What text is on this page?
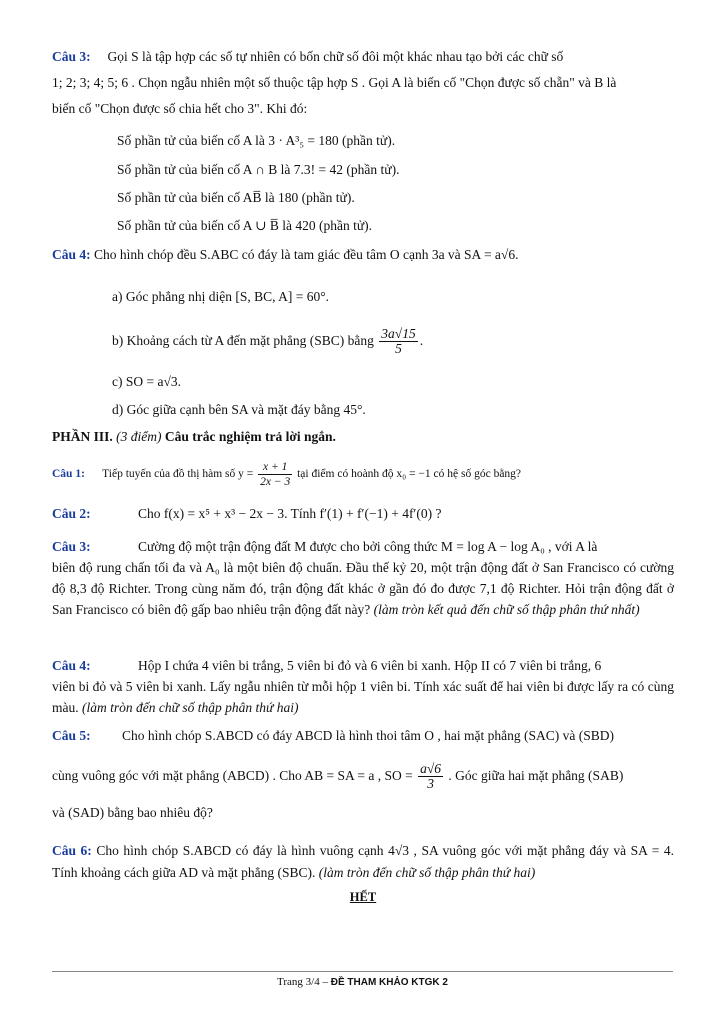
Câu 3: Gọi S là tập hợp các số tự nhiên có bốn chữ số đôi một khác nhau tạo bởi các chữ số
1; 2; 3; 4; 5; 6 . Chọn ngẫu nhiên một số thuộc tập hợp S . Gọi A là biến cố "Chọn được số chẵn" và B là
biến cố "Chọn được số chia hết cho 3". Khi đó:
Số phần tử của biến cố A là 3 · A³₅ = 180 (phần tử).
Số phần tử của biến cố A ∩ B là 7.3! = 42 (phần tử).
Số phần tử của biến cố AB̅ là 180 (phần tử).
Số phần tử của biến cố A ∪ B̅ là 420 (phần tử).
Câu 4: Cho hình chóp đều S.ABC có đáy là tam giác đều tâm O cạnh 3a và SA = a√6.
a) Góc phẳng nhị diện [S, BC, A] = 60°.
b) Khoảng cách từ A đến mặt phẳng (SBC) bằng $\frac{3a√15}{5}$ .
c) SO = a√3.
d) Góc giữa cạnh bên SA và mặt đáy bằng 45°.
PHẦN III. (3 điểm) Câu trắc nghiệm trả lời ngắn.
Câu 1: Tiếp tuyến của đồ thị hàm số $y = \frac{x + 1}{2x - 3}$ tại điểm có hoành độ x₀ = −1 có hệ số góc bằng?
Câu 2:	Cho f(x) = x⁵ + x³ − 2x − 3. Tính f′(1) + f′(−1) + 4f′(0) ?
Câu 3:	Cường độ một trận động đất M được cho bởi công thức M = log A − log A₀ , với A là
biên độ rung chấn tối đa và A₀ là một biên độ chuẩn. Đầu thế kỷ 20, một trận động đất ở San Francisco có cường độ 8,3 độ Richter. Trong cùng năm đó, trận động đất khác ở gần đó đo được 7,1 độ Richter. Hỏi trận động đất ở San Francisco có biên độ gấp bao nhiêu trận động đất này? (làm tròn kết quả đến chữ số thập phân thứ nhất)
Câu 4:	Hộp I chứa 4 viên bi trắng, 5 viên bi đỏ và 6 viên bi xanh. Hộp II có 7 viên bi trắng, 6
viên bi đỏ và 5 viên bi xanh. Lấy ngẫu nhiên từ mỗi hộp 1 viên bi. Tính xác suất để hai viên bi được lấy ra có cùng màu. (làm tròn đến chữ số thập phân thứ hai)
Câu 5: Cho hình chóp S.ABCD có đáy ABCD là hình thoi tâm O , hai mặt phẳng (SAC) và (SBD)
cùng vuông góc với mặt phẳng (ABCD) . Cho AB = SA = a , SO = $\frac{a√6}{3}$ . Góc giữa hai mặt phẳng (SAB)
và (SAD) bằng bao nhiêu độ?
Câu 6: Cho hình chóp S.ABCD có đáy là hình vuông cạnh 4√3 , SA vuông góc với mặt phẳng đáy và SA = 4. Tính khoảng cách giữa AD và mặt phẳng (SBC). (làm tròn đến chữ số thập phân thứ hai)
HẾT
Trang 3/4 – ĐỀ THAM KHẢO KTGK 2
